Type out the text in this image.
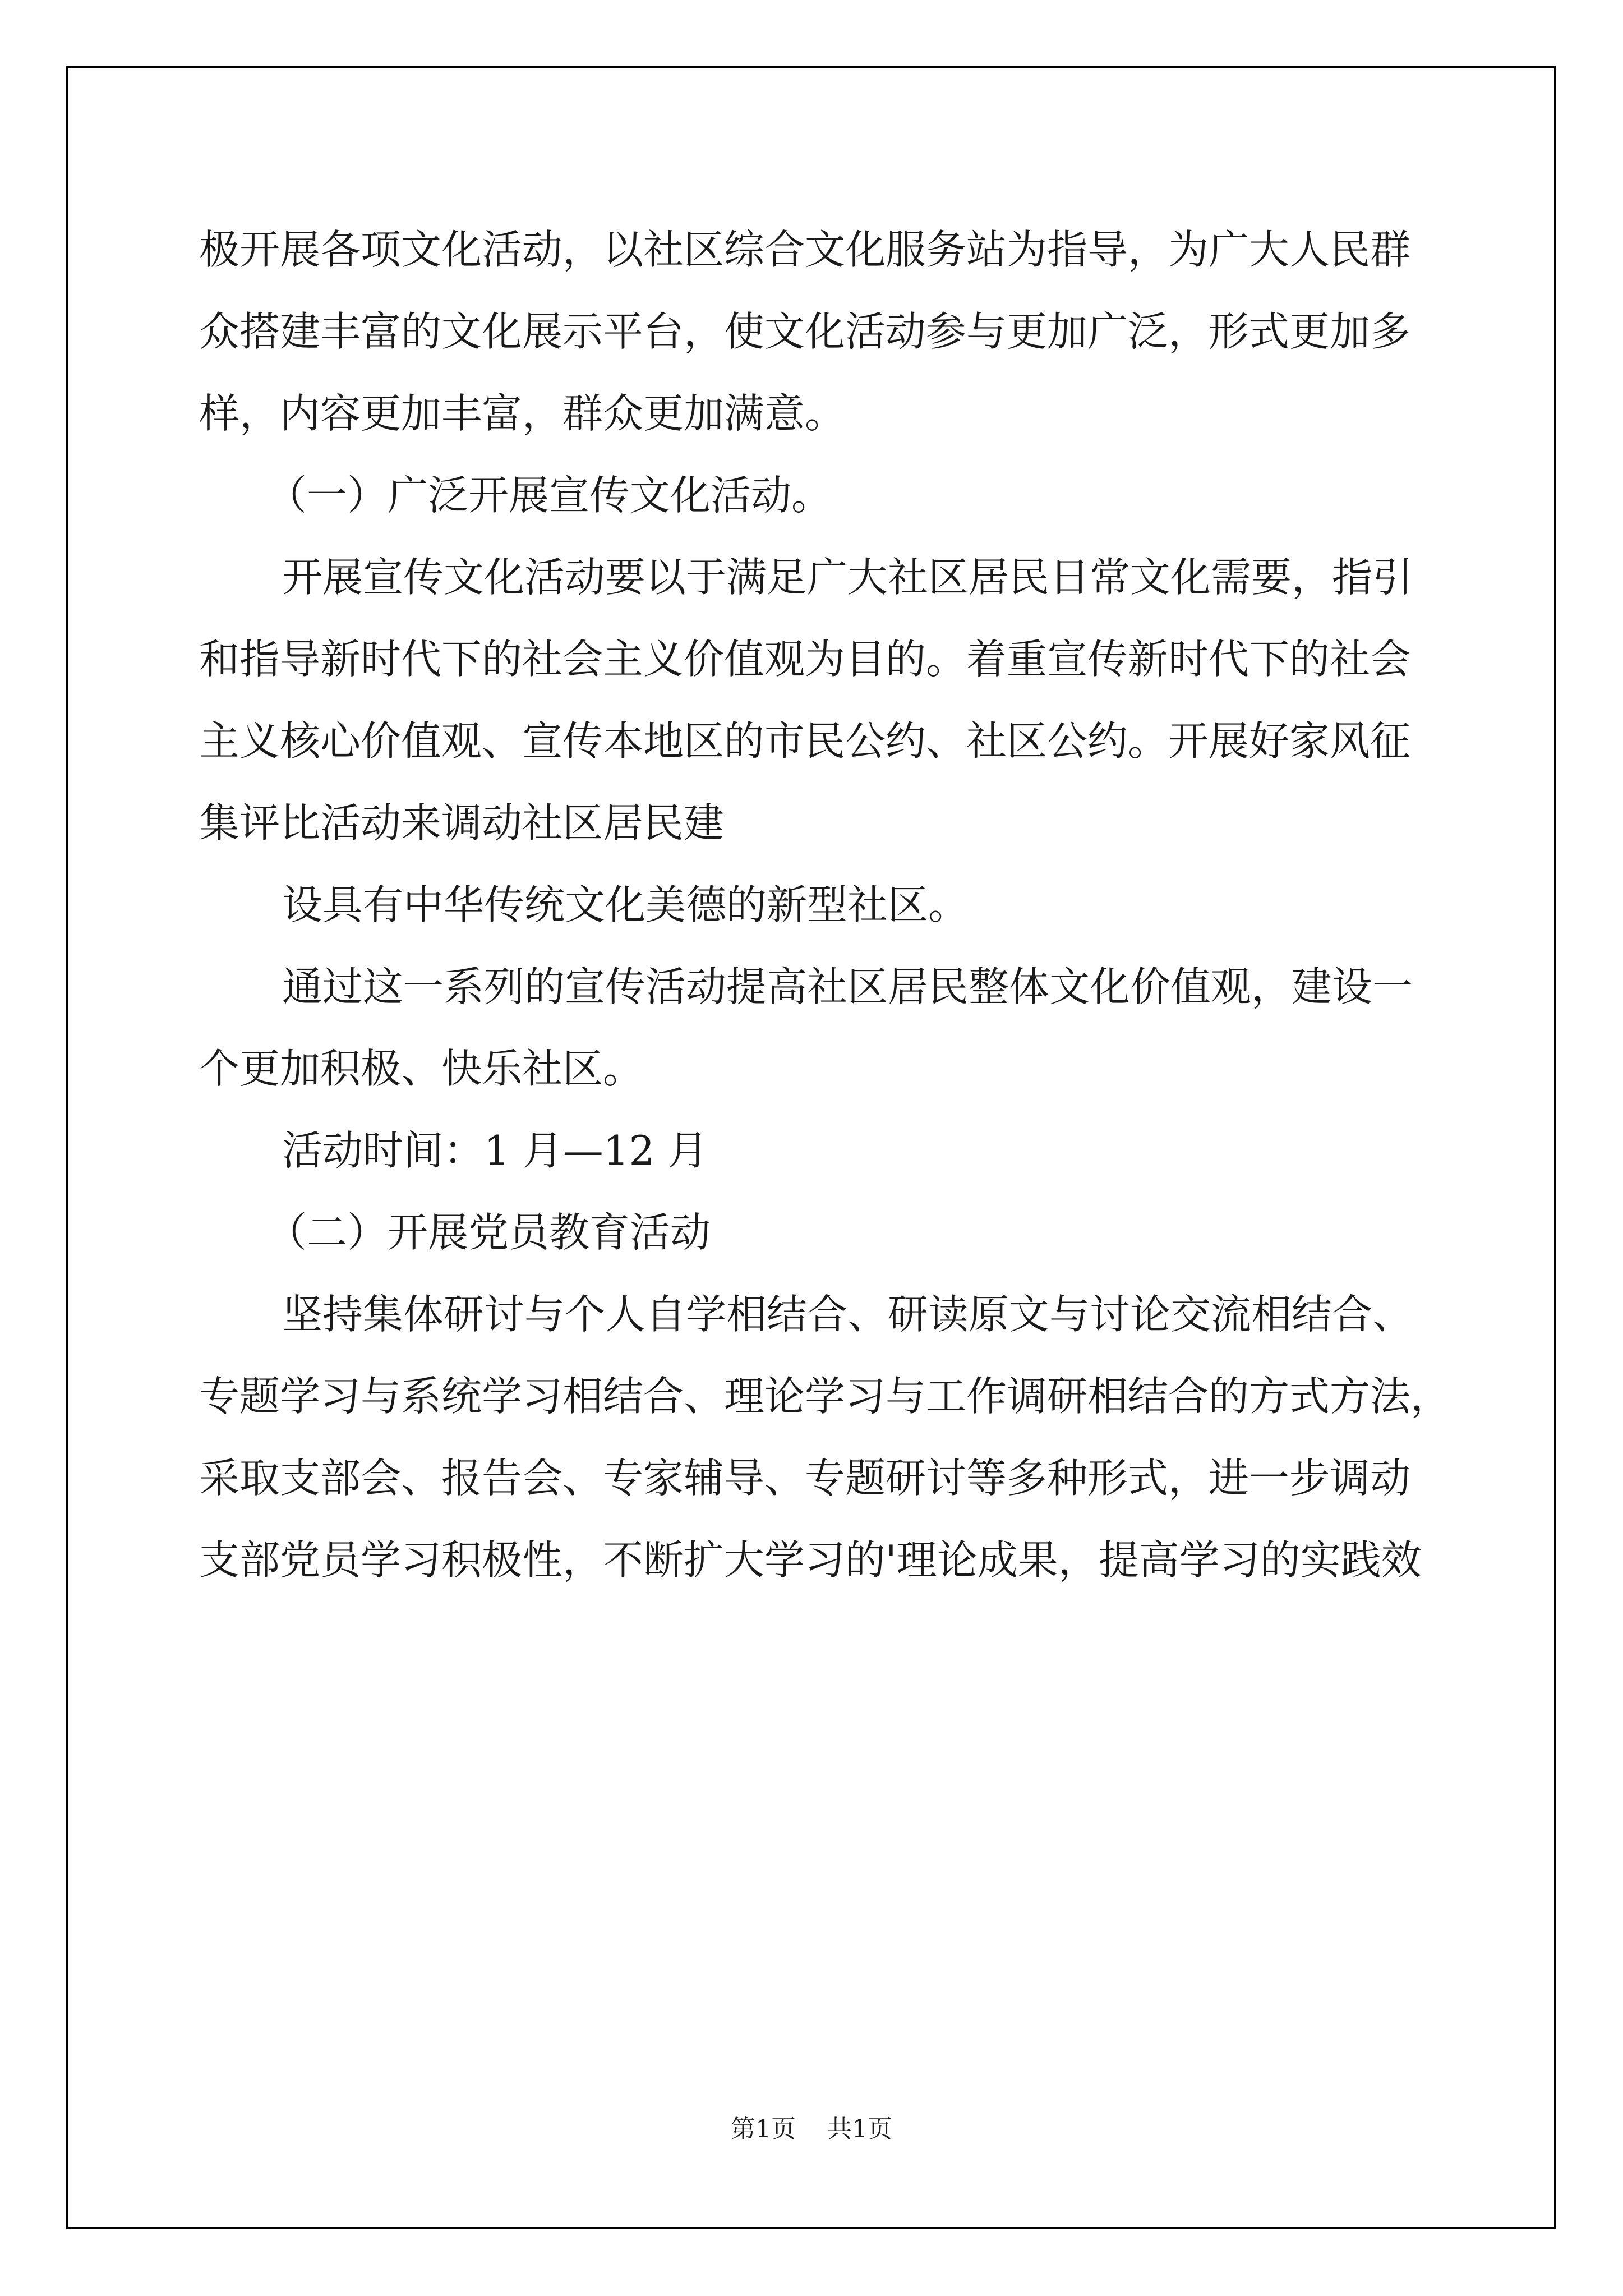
极开展各项文化活动，以社区综合文化服务站为指导，为广大人民群

众搭建丰富的文化展示平台，使文化活动参与更加广泛，形式更加多

样，内容更加丰富，群众更加满意。

（一）广泛开展宣传文化活动。

开展宣传文化活动要以于满足广大社区居民日常文化需要，指引

和指导新时代下的社会主义价值观为目的。着重宣传新时代下的社会

主义核心价值观、宣传本地区的市民公约、社区公约。开展好家风征

集评比活动来调动社区居民建

设具有中华传统文化美德的新型社区。

通过这一系列的宣传活动提高社区居民整体文化价值观，建设一

个更加积极、快乐社区。

活动时间：1 月—12 月

（二）开展党员教育活动

坚持集体研讨与个人自学相结合、研读原文与讨论交流相结合、

专题学习与系统学习相结合、理论学习与工作调研相结合的方式方法，

采取支部会、报告会、专家辅导、专题研讨等多种形式，进一步调动

支部党员学习积极性，不断扩大学习的'理论成果，提高学习的实践效

第1页 共1页
